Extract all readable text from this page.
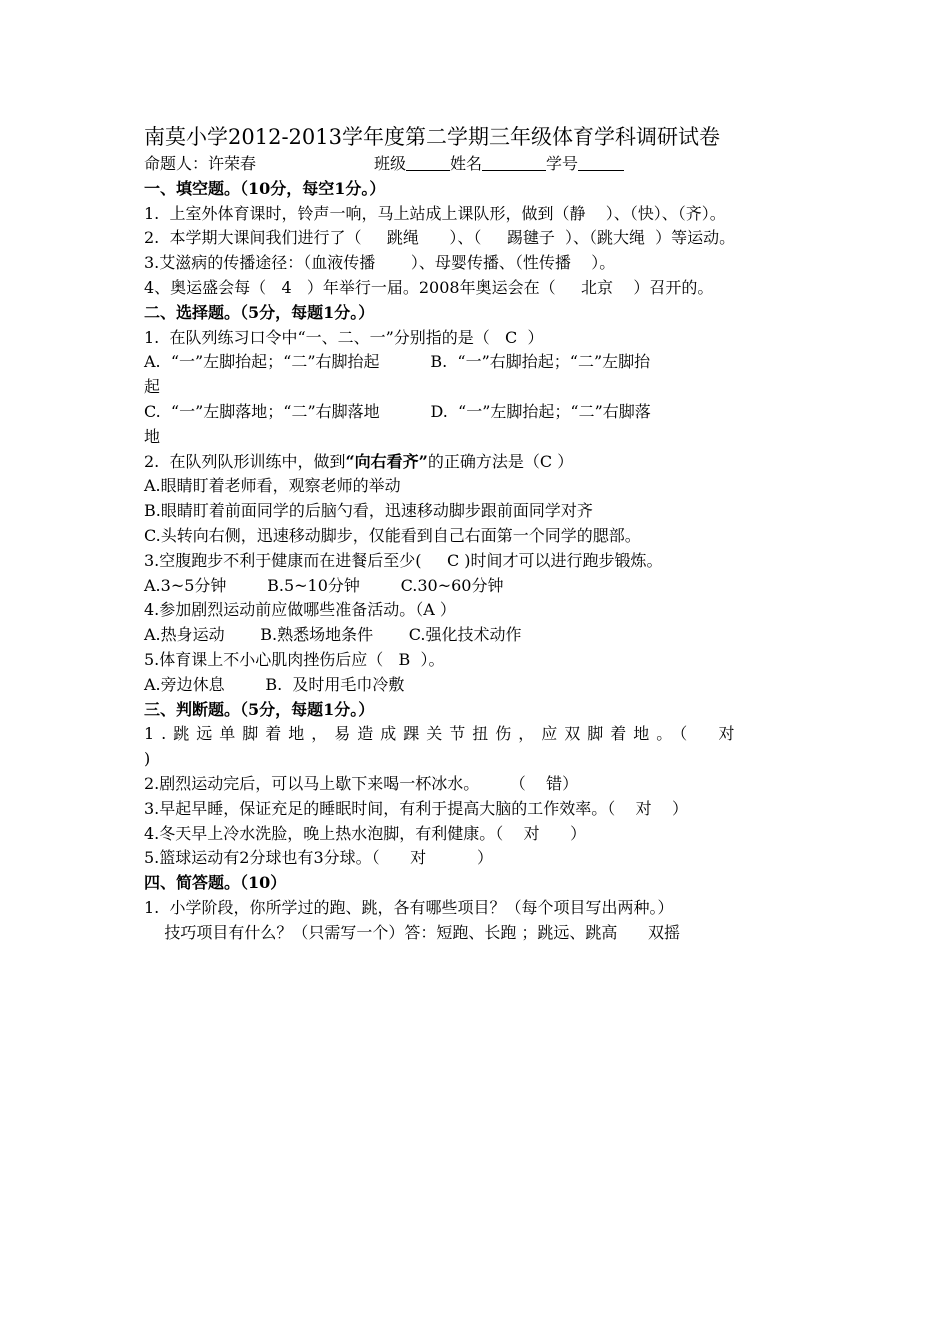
南莫小学2012-2013学年度第二学期三年级体育学科调研试卷
命题人：许荣春	班级	姓名	学号
一、填空题。（10分，每空1分。）
1.  上室外体育课时，铃声一响，马上站成上课队形，做到（静    ）、（快）、（齐）。
2.  本学期大课间我们进行了（     跳绳      ）、（     踢毽子  ）、（跳大绳  ）等运动。
3.艾滋病的传播途径：（血液传播       ）、母婴传播、（性传播    ）。
4、奥运盛会每（   4   ）年举行一届。2008年奥运会在（     北京    ）召开的。
二、选择题。（5分，每题1分。）
1.  在队列练习口令中“一、二、一”分别指的是（   C  ）
A.  “一”左脚抬起；“二”右脚抬起          B.  “一”右脚抬起；“二”左脚抬
起
C.  “一”左脚落地；“二”右脚落地          D.  “一”左脚抬起；“二”右脚落
地
2.  在队列队形训练中，做到“向右看齐”的正确方法是（C ）
A.眼睛盯着老师看，观察老师的举动
B.眼睛盯着前面同学的后脑勺看，迅速移动脚步跟前面同学对齐
C.头转向右侧，迅速移动脚步，仅能看到自己右面第一个同学的腮部。
3.空腹跑步不利于健康而在进餐后至少(     C )时间才可以进行跑步锻炼。
A.3~5分钟        B.5~10分钟        C.30~60分钟
4.参加剧烈运动前应做哪些准备活动。（A ）
A.热身运动       B.熟悉场地条件       C.强化技术动作
5.体育课上不小心肌肉挫伤后应（   B  ）。
A.旁边休息        B.  及时用毛巾冷敷
三、判断题。（5分，每题1分。）
1.跳远单脚着地，易造成踝关节扭伤，应双脚着地。（  对
)
2.剧烈运动完后，可以马上歇下来喝一杯冰水。      （    错）
3.早起早睡，保证充足的睡眠时间，有利于提高大脑的工作效率。（    对    ）
4.冬天早上冷水洗脸，晚上热水泡脚，有利健康。（    对      ）
5.篮球运动有2分球也有3分球。（      对          ）
四、简答题。（10）
1.  小学阶段，你所学过的跑、跳，各有哪些项目？（每个项目写出两种。）
技巧项目有什么？（只需写一个）答：短跑、长跑 ；跳远、跳高      双摇
